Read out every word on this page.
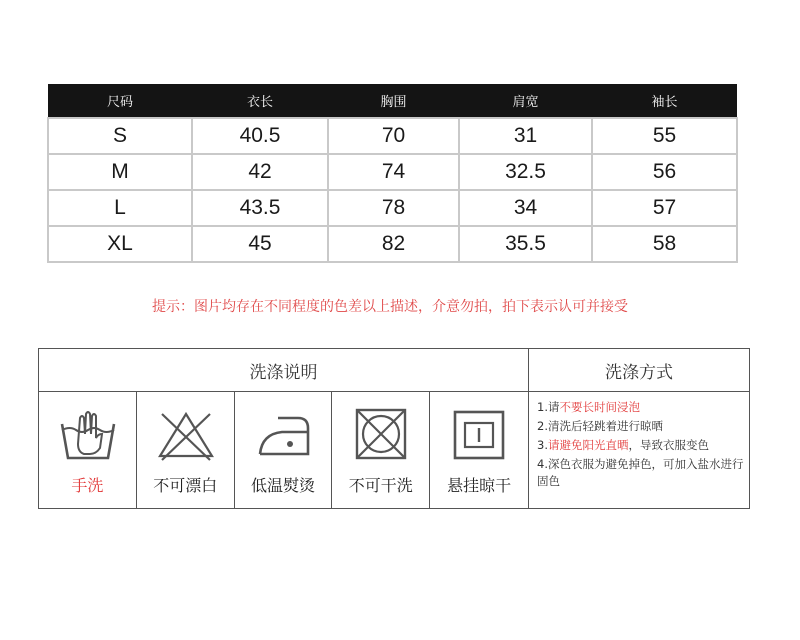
尺码	衣长	胸围	肩宽	袖长
S	40.5	70	31	55
M	42	74	32.5	56
L	43.5	78	34	57
XL	45	82	35.5	58
提示：图片均存在不同程度的色差以上描述，介意勿拍，拍下表示认可并接受
洗涤说明	洗涤方式
手洗	不可漂白	低温熨烫	不可干洗	悬挂晾干

1.请不要长时间浸泡

2.清洗后轻跳着进行晾晒

3.请避免阳光直晒，导致衣服变色

4.深色衣服为避免掉色，可加入盐水进行固色
